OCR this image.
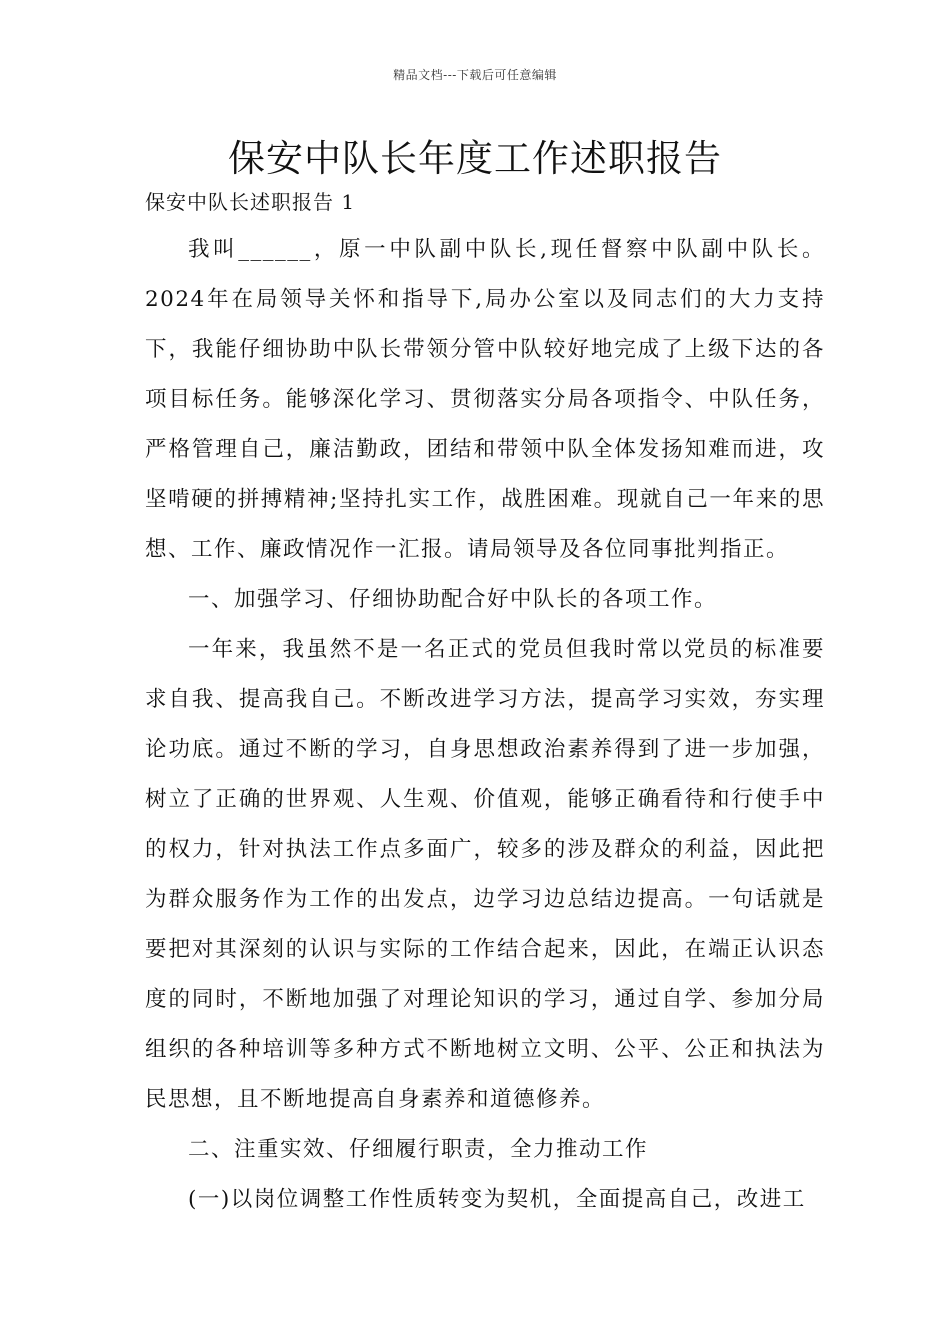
精品文档---下载后可任意编辑
保安中队长年度工作述职报告
保安中队长述职报告 1

我叫______，原一中队副中队长,现任督察中队副中队长。2024年在局领导关怀和指导下,局办公室以及同志们的大力支持下，我能仔细协助中队长带领分管中队较好地完成了上级下达的各项目标任务。能够深化学习、贯彻落实分局各项指令、中队任务，严格管理自己，廉洁勤政，团结和带领中队全体发扬知难而进，攻坚啃硬的拼搏精神;坚持扎实工作，战胜困难。现就自己一年来的思想、工作、廉政情况作一汇报。请局领导及各位同事批判指正。

一、加强学习、仔细协助配合好中队长的各项工作。

一年来，我虽然不是一名正式的党员但我时常以党员的标准要求自我、提高我自己。不断改进学习方法，提高学习实效，夯实理论功底。通过不断的学习，自身思想政治素养得到了进一步加强，树立了正确的世界观、人生观、价值观，能够正确看待和行使手中的权力，针对执法工作点多面广，较多的涉及群众的利益，因此把为群众服务作为工作的出发点，边学习边总结边提高。一句话就是要把对其深刻的认识与实际的工作结合起来，因此，在端正认识态度的同时，不断地加强了对理论知识的学习，通过自学、参加分局组织的各种培训等多种方式不断地树立文明、公平、公正和执法为民思想，且不断地提高自身素养和道德修养。

二、注重实效、仔细履行职责，全力推动工作

(一)以岗位调整工作性质转变为契机，全面提高自己，改进工
